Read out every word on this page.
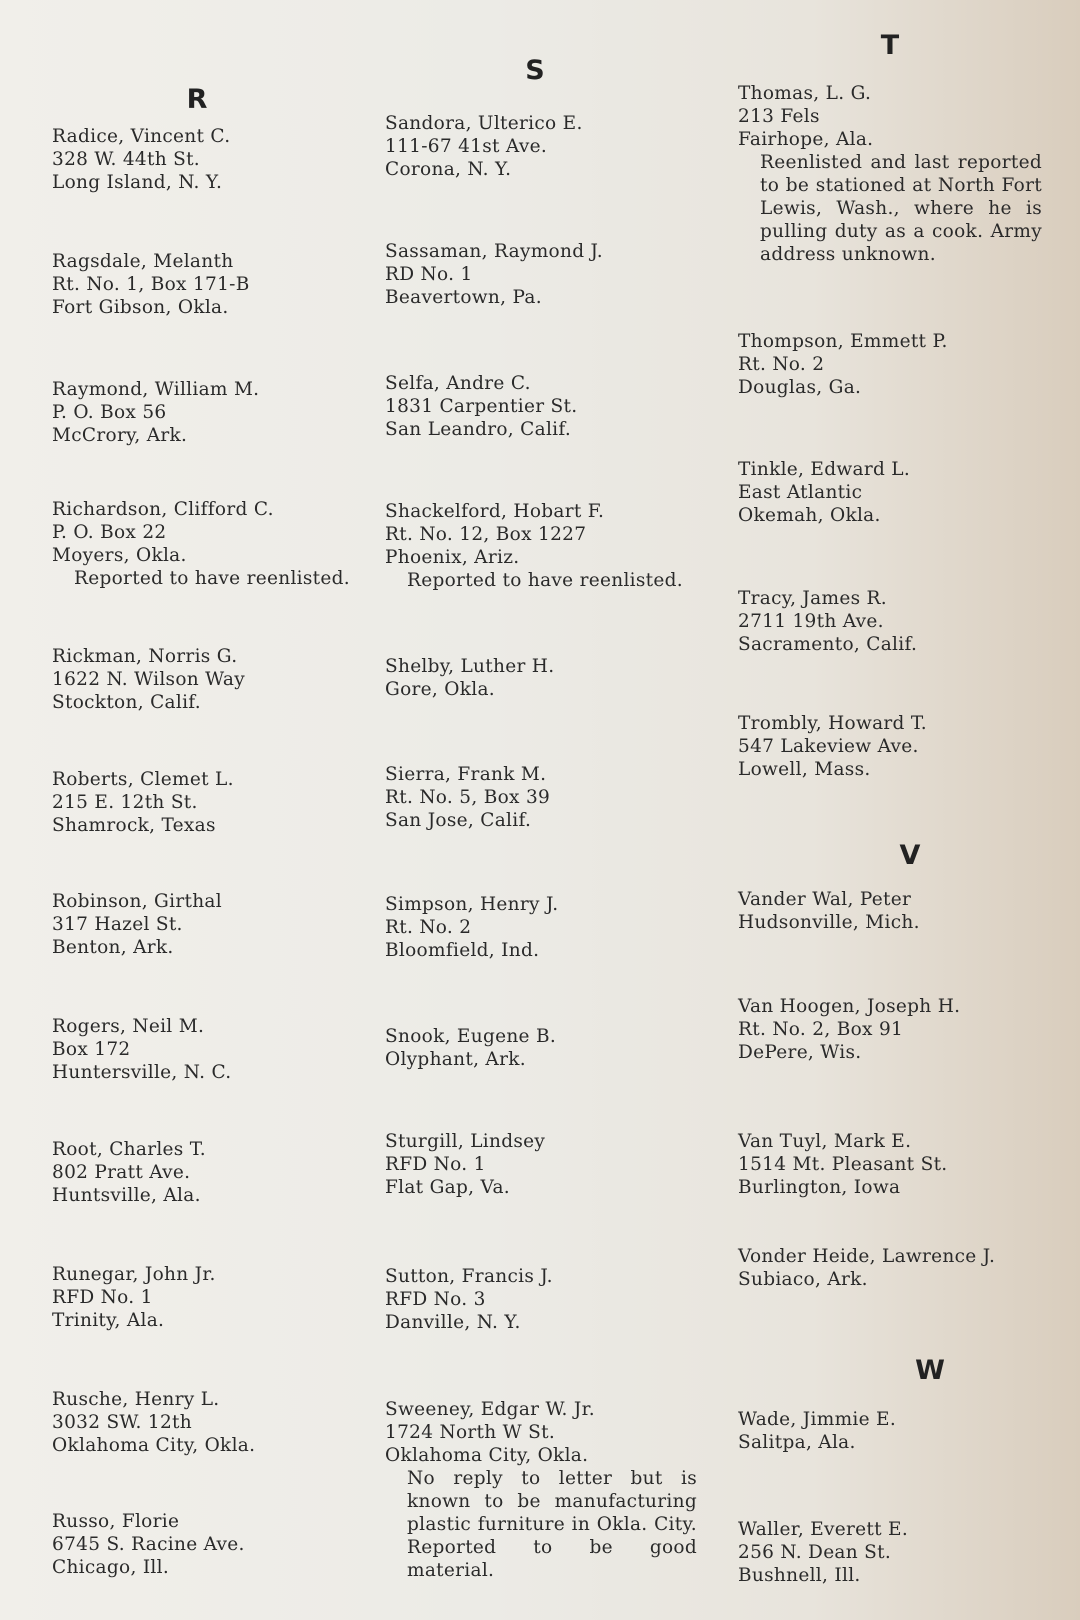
R
Radice, Vincent C.
328 W. 44th St.
Long Island, N. Y.
Ragsdale, Melanth
Rt. No. 1, Box 171-B
Fort Gibson, Okla.
Raymond, William M.
P. O. Box 56
McCrory, Ark.
Richardson, Clifford C.
P. O. Box 22
Moyers, Okla.
Reported to have reenlisted.
Rickman, Norris G.
1622 N. Wilson Way
Stockton, Calif.
Roberts, Clemet L.
215 E. 12th St.
Shamrock, Texas
Robinson, Girthal
317 Hazel St.
Benton, Ark.
Rogers, Neil M.
Box 172
Huntersville, N. C.
Root, Charles T.
802 Pratt Ave.
Huntsville, Ala.
Runegar, John Jr.
RFD No. 1
Trinity, Ala.
Rusche, Henry L.
3032 SW. 12th
Oklahoma City, Okla.
Russo, Florie
6745 S. Racine Ave.
Chicago, Ill.
S
Sandora, Ulterico E.
111-67 41st Ave.
Corona, N. Y.
Sassaman, Raymond J.
RD No. 1
Beavertown, Pa.
Selfa, Andre C.
1831 Carpentier St.
San Leandro, Calif.
Shackelford, Hobart F.
Rt. No. 12, Box 1227
Phoenix, Ariz.
Reported to have reenlisted.
Shelby, Luther H.
Gore, Okla.
Sierra, Frank M.
Rt. No. 5, Box 39
San Jose, Calif.
Simpson, Henry J.
Rt. No. 2
Bloomfield, Ind.
Snook, Eugene B.
Olyphant, Ark.
Sturgill, Lindsey
RFD No. 1
Flat Gap, Va.
Sutton, Francis J.
RFD No. 3
Danville, N. Y.
Sweeney, Edgar W. Jr.
1724 North W St.
Oklahoma City, Okla.
No reply to letter but is known to be manufacturing plastic furniture in Okla. City. Reported to be good material.
T
Thomas, L. G.
213 Fels
Fairhope, Ala.
Reenlisted and last reported to be stationed at North Fort Lewis, Wash., where he is pulling duty as a cook. Army address unknown.
Thompson, Emmett P.
Rt. No. 2
Douglas, Ga.
Tinkle, Edward L.
East Atlantic
Okemah, Okla.
Tracy, James R.
2711 19th Ave.
Sacramento, Calif.
Trombly, Howard T.
547 Lakeview Ave.
Lowell, Mass.
V
Vander Wal, Peter
Hudsonville, Mich.
Van Hoogen, Joseph H.
Rt. No. 2, Box 91
DePere, Wis.
Van Tuyl, Mark E.
1514 Mt. Pleasant St.
Burlington, Iowa
Vonder Heide, Lawrence J.
Subiaco, Ark.
W
Wade, Jimmie E.
Salitpa, Ala.
Waller, Everett E.
256 N. Dean St.
Bushnell, Ill.
